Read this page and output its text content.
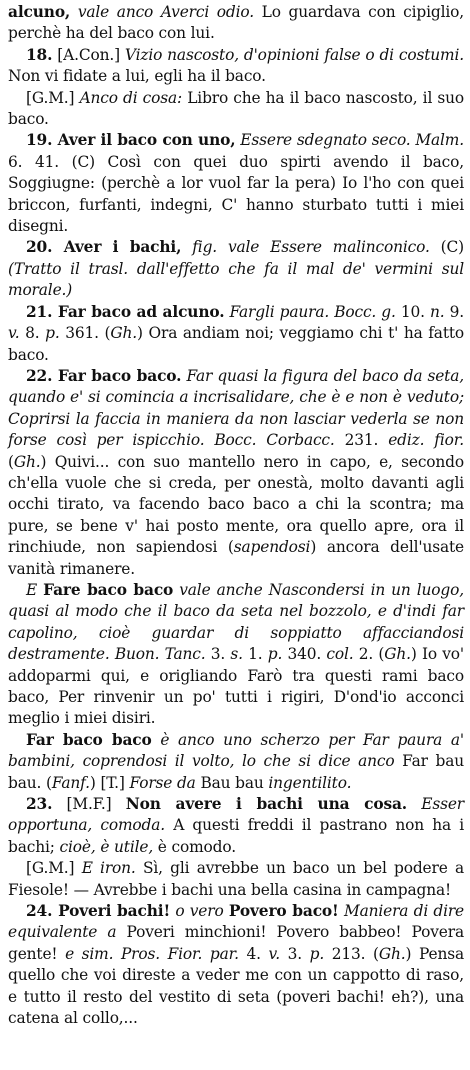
alcuno, vale anco Averci odio. Lo guardava con cipiglio, perchè ha del baco con lui.

18. [A.Con.] Vizio nascosto, d'opinioni false o di costumi. Non vi fidate a lui, egli ha il baco.

[G.M.] Anco di cosa: Libro che ha il baco nascosto, il suo baco.

19. Aver il baco con uno, Essere sdegnato seco. Malm. 6. 41. (C) Così con quei duo spirti avendo il baco, Soggiugne: (perchè a lor vuol far la pera) Io l'ho con quei briccon, furfanti, indegni, C' hanno sturbato tutti i miei disegni.

20. Aver i bachi, fig. vale Essere malinconico. (C) (Tratto il trasl. dall'effetto che fa il mal de' vermini sul morale.)

21. Far baco ad alcuno. Fargli paura. Bocc. g. 10. n. 9. v. 8. p. 361. (Gh.) Ora andiam noi; veggiamo chi t' ha fatto baco.

22. Far baco baco. Far quasi la figura del baco da seta, quando e' si comincia a incrisalidare, che è e non è veduto; Coprirsi la faccia in maniera da non lasciar vederla se non forse così per ispicchio. Bocc. Corbacc. 231. ediz. fior. (Gh.) Quivi... con suo mantello nero in capo, e, secondo ch'ella vuole che si creda, per onestà, molto davanti agli occhi tirato, va facendo baco baco a chi la scontra; ma pure, se bene v' hai posto mente, ora quello apre, ora il rinchiude, non sapiendosi (sapendosi) ancora dell'usate vanità rimanere.

E Fare baco baco vale anche Nascondersi in un luogo, quasi al modo che il baco da seta nel bozzolo, e d'indi far capolino, cioè guardar di soppiatto affacciandosi destramente. Buon. Tanc. 3. s. 1. p. 340. col. 2. (Gh.) Io vo' addoparmi qui, e origliando Farò tra questi rami baco baco, Per rinvenir un po' tutti i rigiri, D'ond'io acconci meglio i miei disiri.

Far baco baco è anco uno scherzo per Far paura a' bambini, coprendosi il volto, lo che si dice anco Far bau bau. (Fanf.) [T.] Forse da Bau bau ingentilito.

23. [M.F.] Non avere i bachi una cosa. Esser opportuna, comoda. A questi freddi il pastrano non ha i bachi; cioè, è utile, è comodo.

[G.M.] E iron. Sì, gli avrebbe un baco un bel podere a Fiesole! — Avrebbe i bachi una bella casina in campagna!

24. Poveri bachi! o vero Povero baco! Maniera di dire equivalente a Poveri minchioni! Povero babbeo! Povera gente! e sim. Pros. Fior. par. 4. v. 3. p. 213. (Gh.) Pensa quello che voi direste a veder me con un cappotto di raso, e tutto il resto del vestito di seta (poveri bachi! eh?), una catena al collo,...
